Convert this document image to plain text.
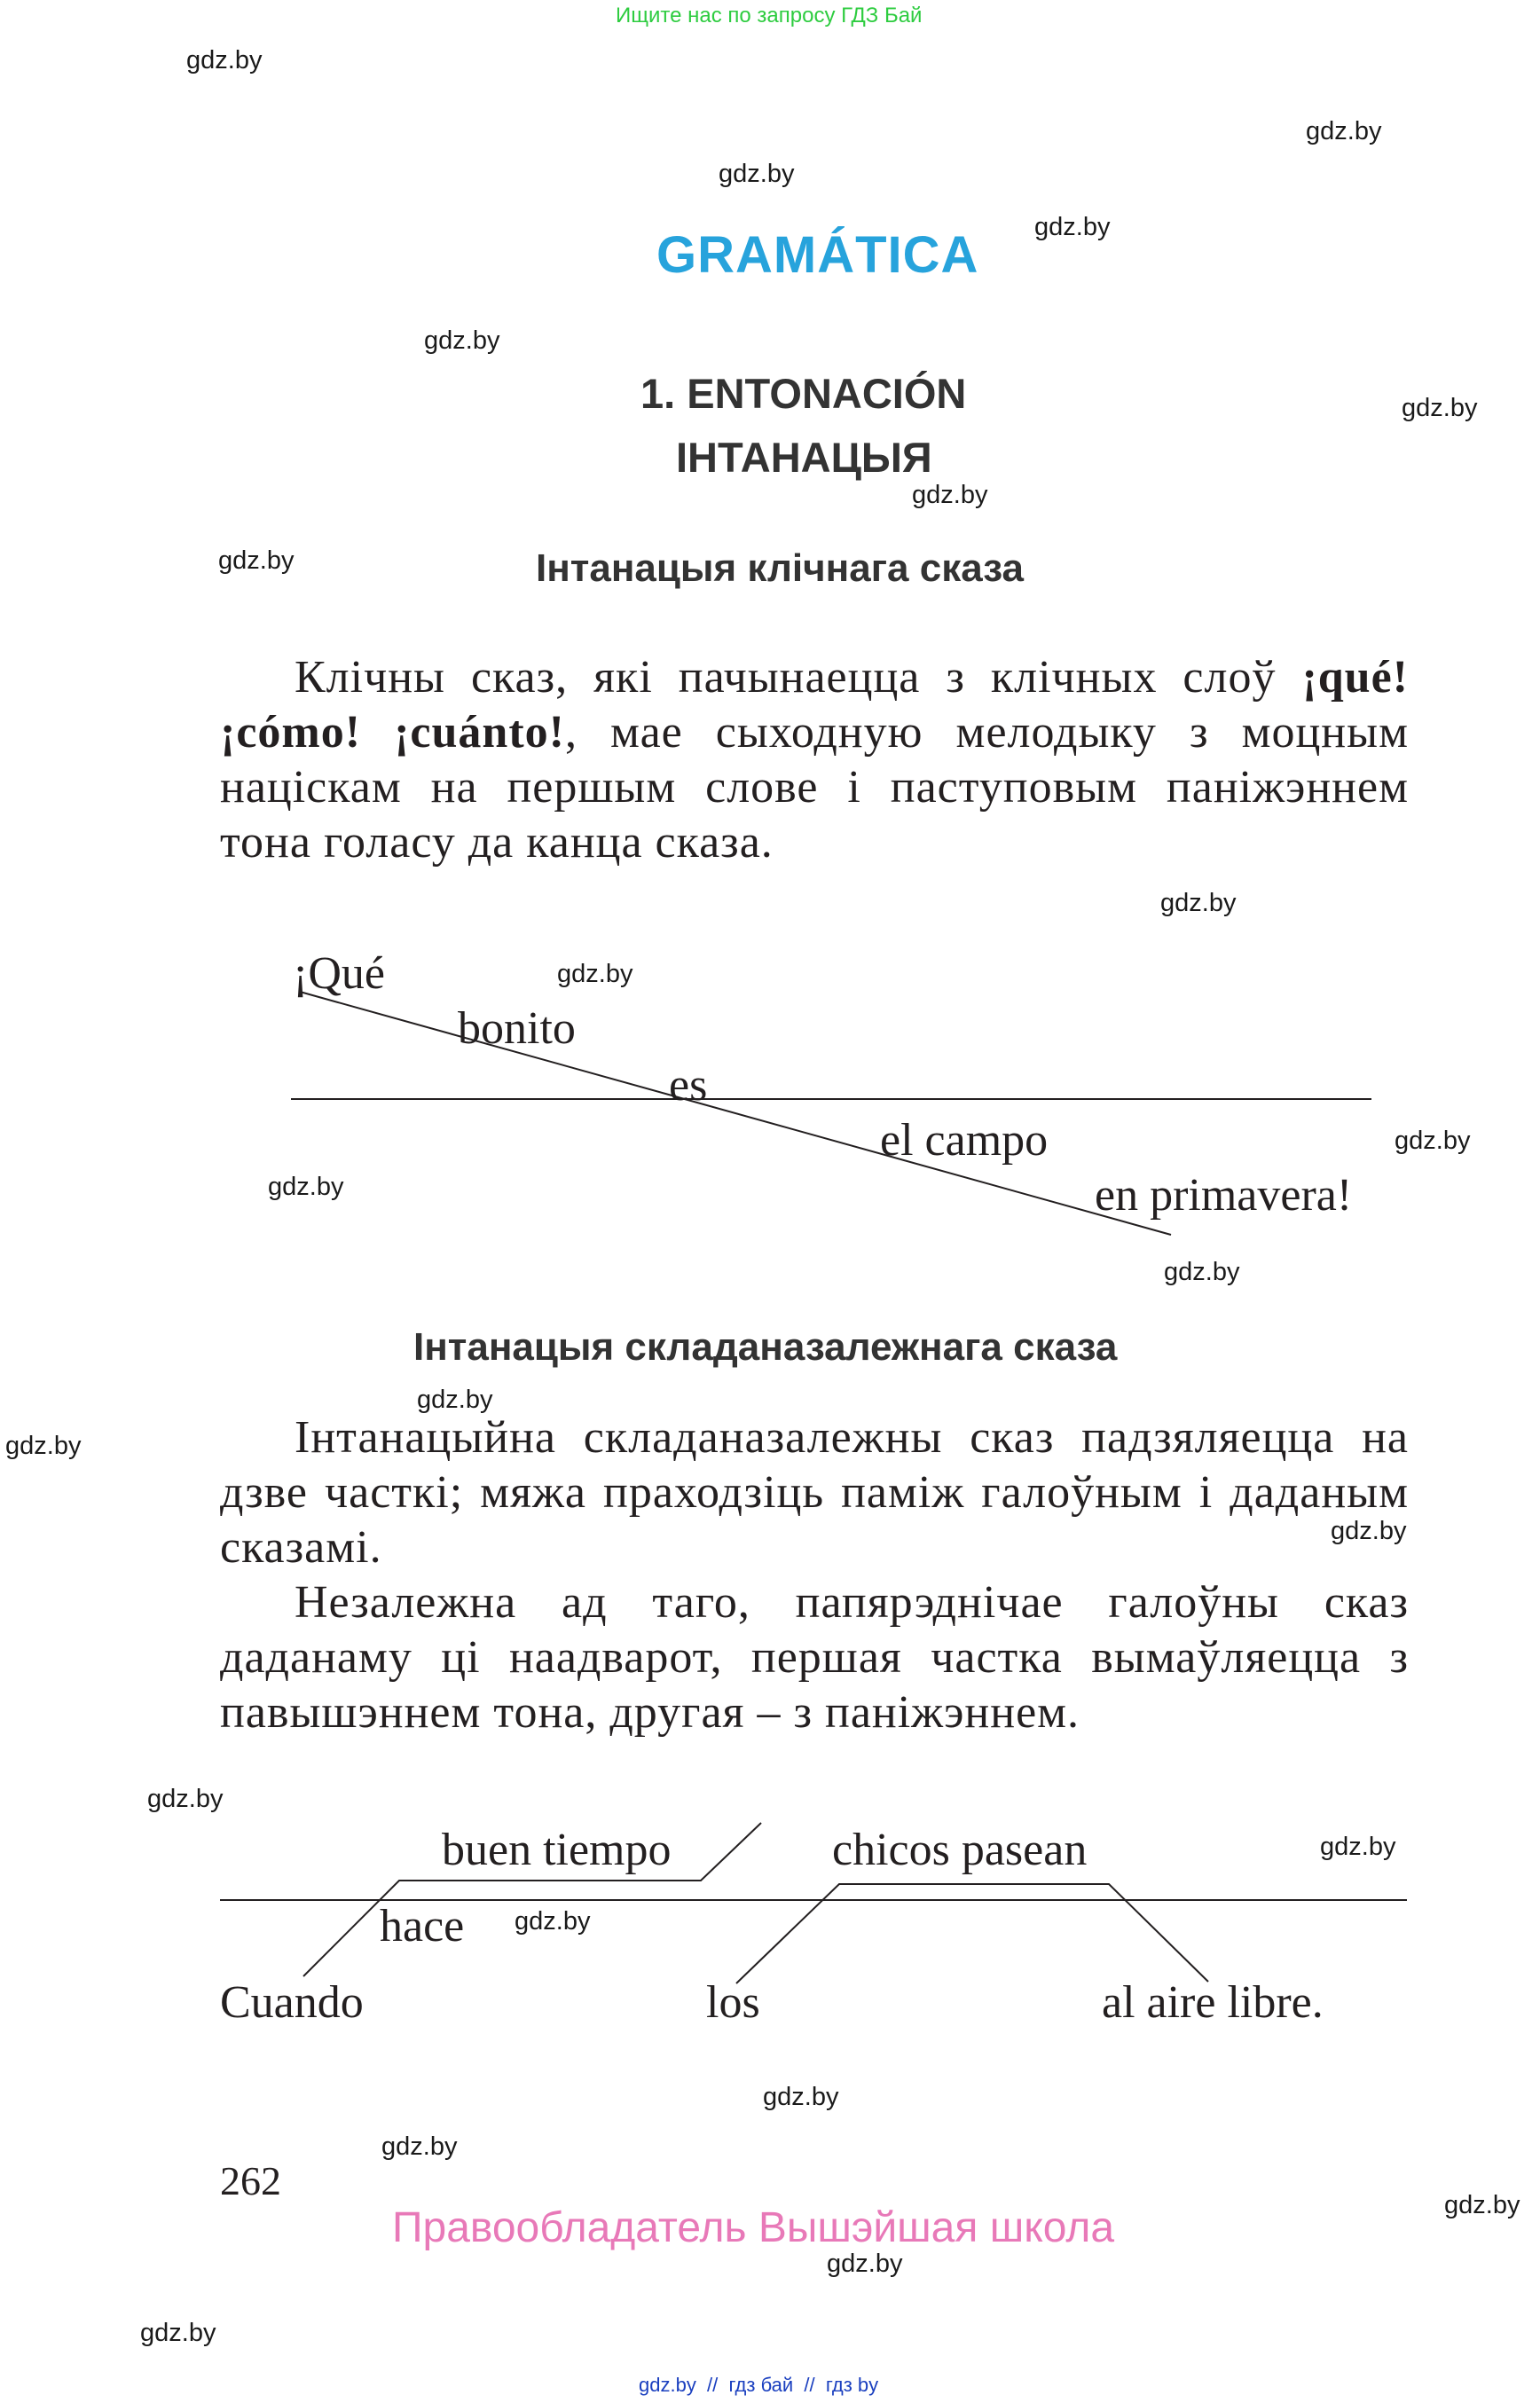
Ищите нас по запросу ГДЗ Бай
gdz.by
gdz.by
gdz.by
gdz.by
gdz.by
gdz.by
gdz.by
gdz.by
gdz.by
gdz.by
gdz.by
gdz.by
gdz.by
gdz.by
gdz.by
gdz.by
gdz.by
gdz.by
gdz.by
gdz.by
gdz.by
gdz.by
gdz.by
gdz.by
GRAMÁTICA
1. ENTONACIÓN
ІНТАНАЦЫЯ
Інтанацыя клічнага сказа

Клічны сказ, які пачынаецца з клічных слоў ¡qué! ¡cómo! ¡cuánto!, мае сыходную мелодыку з моцным націскам на першым слове і паступовым паніжэннем тона голасу да канца сказа.

¡Qué
bonito
es
el campo
en primavera!
Інтанацыя складаназалежнага сказа

Інтанацыйна складаназалежны сказ падзяляецца на дзве часткі; мяжа праходзіць паміж галоўным і даданым сказамі.

Незалежна ад таго, папярэднічае галоўны сказ даданаму ці наадварот, першая частка вымаўляецца з павышэннем тона, другая – з паніжэннем.

buen tiempo	chicos pasean
hace
Cuando	los	al aire libre.
262
Правообладатель Вышэйшая школа
gdz.by  //  гдз бай  //  гдз by
